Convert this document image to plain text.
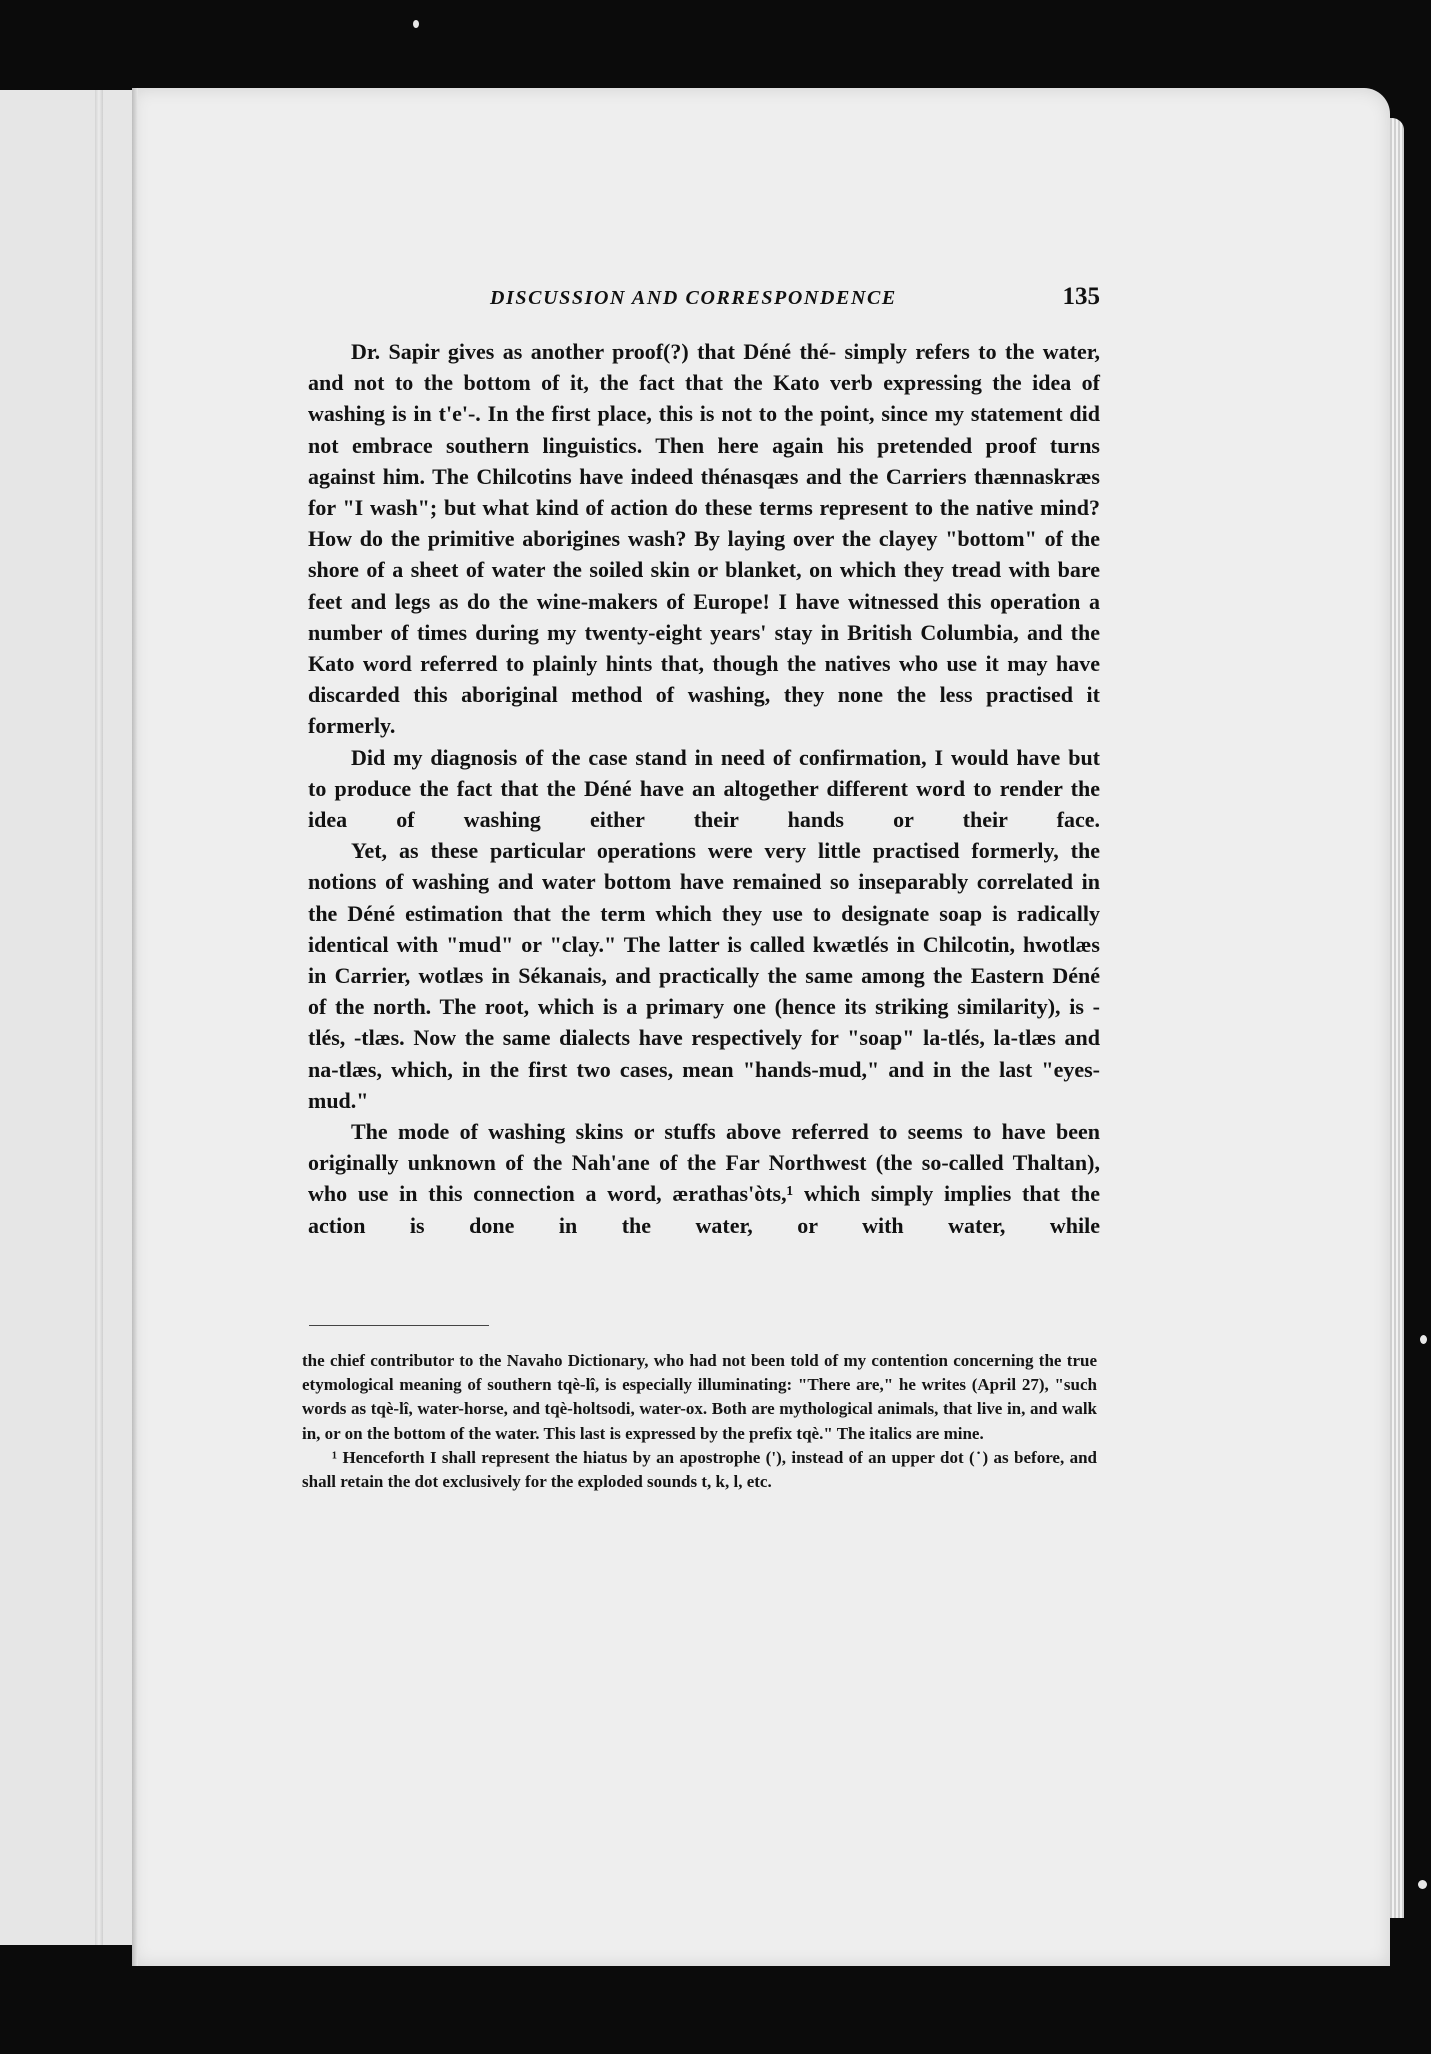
DISCUSSION AND CORRESPONDENCE	135

Dr. Sapir gives as another proof(?) that Déné thé- simply refers to the water, and not to the bottom of it, the fact that the Kato verb expressing the idea of washing is in t'e'-. In the first place, this is not to the point, since my statement did not embrace southern linguistics. Then here again his pretended proof turns against him. The Chilcotins have indeed thénasqæs and the Carriers thænnaskræs for "I wash"; but what kind of action do these terms represent to the native mind? How do the primitive aborigines wash? By laying over the clayey "bottom" of the shore of a sheet of water the soiled skin or blanket, on which they tread with bare feet and legs as do the wine-makers of Europe! I have witnessed this operation a number of times during my twenty-eight years' stay in British Columbia, and the Kato word referred to plainly hints that, though the natives who use it may have discarded this aboriginal method of washing, they none the less practised it formerly.

Did my diagnosis of the case stand in need of confirmation, I would have but to produce the fact that the Déné have an altogether different word to render the idea of washing either their hands or their face.

Yet, as these particular operations were very little practised formerly, the notions of washing and water bottom have remained so inseparably correlated in the Déné estimation that the term which they use to designate soap is radically identical with "mud" or "clay." The latter is called kwætlés in Chilcotin, hwotlæs in Carrier, wotlæs in Sékanais, and practically the same among the Eastern Déné of the north. The root, which is a primary one (hence its striking similarity), is -tlés, -tlæs. Now the same dialects have respectively for "soap" la-tlés, la-tlæs and na-tlæs, which, in the first two cases, mean "hands-mud," and in the last "eyes-mud."

The mode of washing skins or stuffs above referred to seems to have been originally unknown of the Nah'ane of the Far Northwest (the so-called Thaltan), who use in this connection a word, ærathas'òts,¹ which simply implies that the action is done in the water, or with water, while

the chief contributor to the Navaho Dictionary, who had not been told of my contention concerning the true etymological meaning of southern tqè-lî, is especially illuminating: "There are," he writes (April 27), "such words as tqè-lî, water-horse, and tqè-holtsodi, water-ox. Both are mythological animals, that live in, and walk in, or on the bottom of the water. This last is expressed by the prefix tqè." The italics are mine.

¹ Henceforth I shall represent the hiatus by an apostrophe ('), instead of an upper dot (˙) as before, and shall retain the dot exclusively for the exploded sounds t, k, l, etc.
